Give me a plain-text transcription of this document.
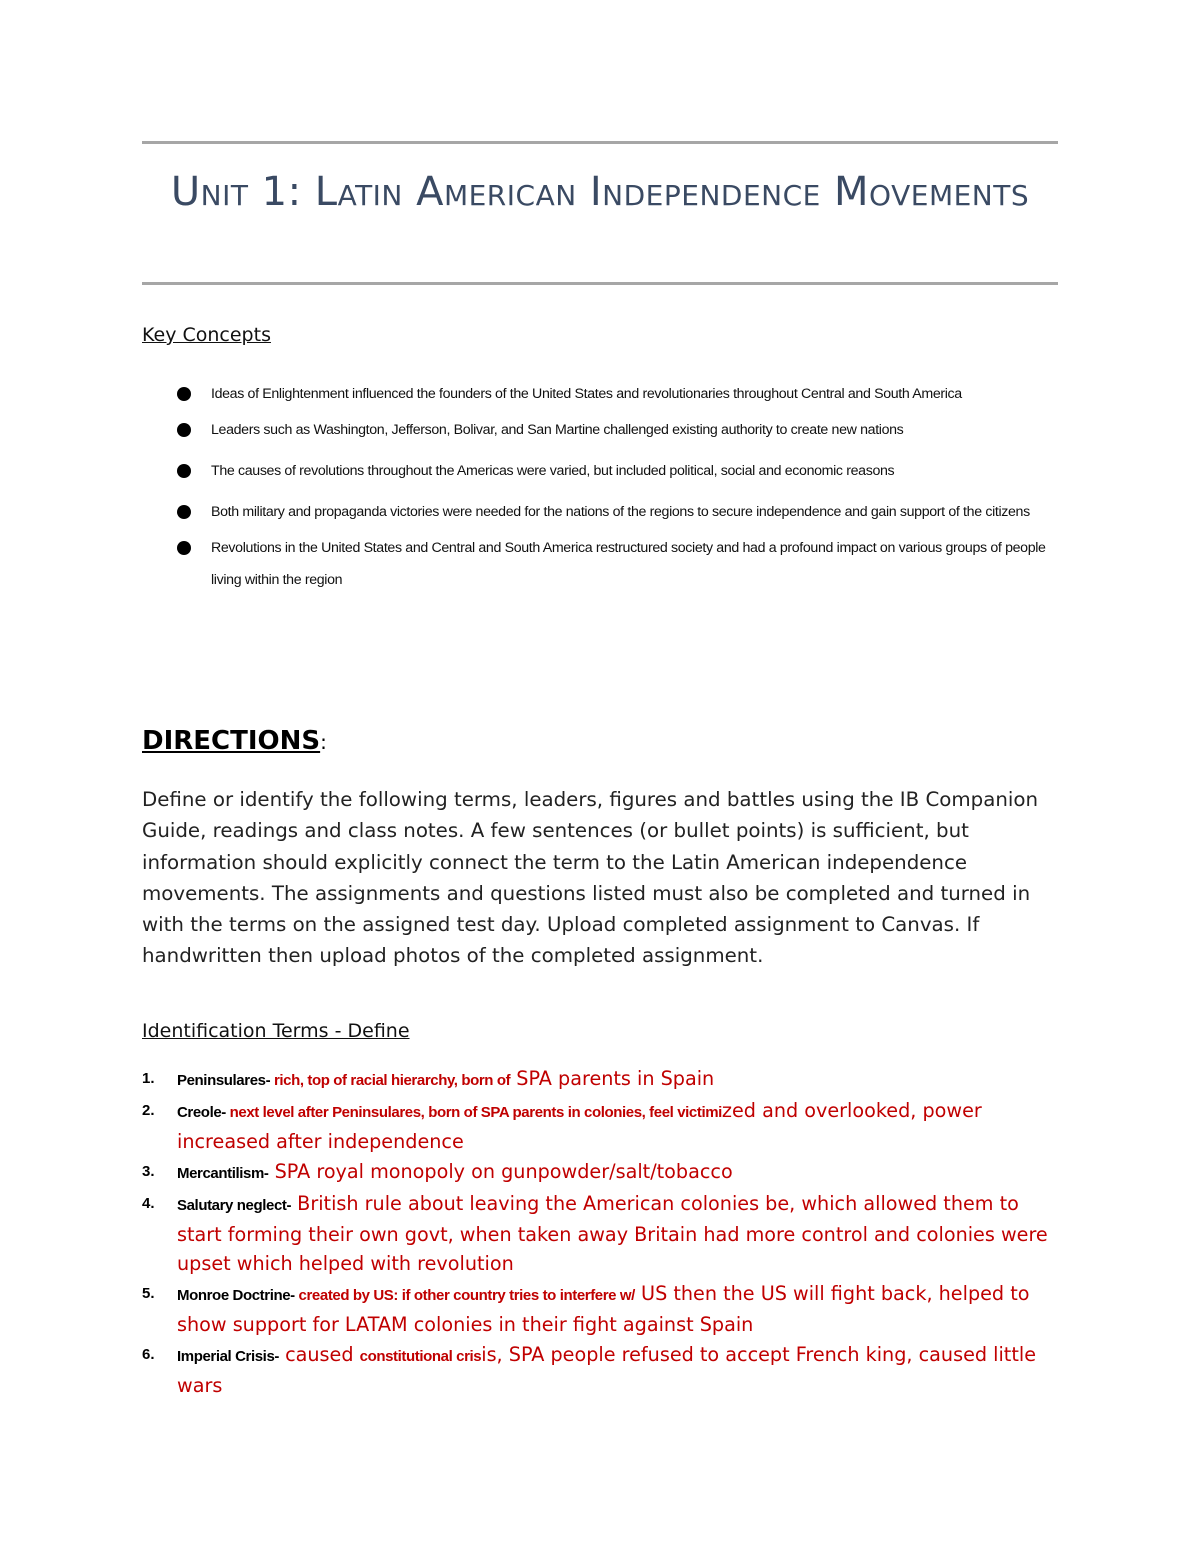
Unit 1: Latin American Independence Movements
Key Concepts
Ideas of Enlightenment influenced the founders of the United States and revolutionaries throughout Central and South America
Leaders such as Washington, Jefferson, Bolivar, and San Martine challenged existing authority to create new nations
The causes of revolutions throughout the Americas were varied, but included political, social and economic reasons
Both military and propaganda victories were needed for the nations of the regions to secure independence and gain support of the citizens
Revolutions in the United States and Central and South America restructured society and had a profound impact on various groups of people living within the region
DIRECTIONS:
Define or identify the following terms, leaders, figures and battles using the IB Companion Guide, readings and class notes. A few sentences (or bullet points) is sufficient, but information should explicitly connect the term to the Latin American independence movements. The assignments and questions listed must also be completed and turned in with the terms on the assigned test day. Upload completed assignment to Canvas. If handwritten then upload photos of the completed assignment.
Identification Terms - Define
1. Peninsulares- rich, top of racial hierarchy, born of SPA parents in Spain
2. Creole- next level after Peninsulares, born of SPA parents in colonies, feel victimized and overlooked, power increased after independence
3. Mercantilism- SPA royal monopoly on gunpowder/salt/tobacco
4. Salutary neglect- British rule about leaving the American colonies be, which allowed them to start forming their own govt, when taken away Britain had more control and colonies were upset which helped with revolution
5. Monroe Doctrine- created by US: if other country tries to interfere w/ US then the US will fight back, helped to show support for LATAM colonies in their fight against Spain
6. Imperial Crisis- caused constitutional crisis, SPA people refused to accept French king, caused little wars
